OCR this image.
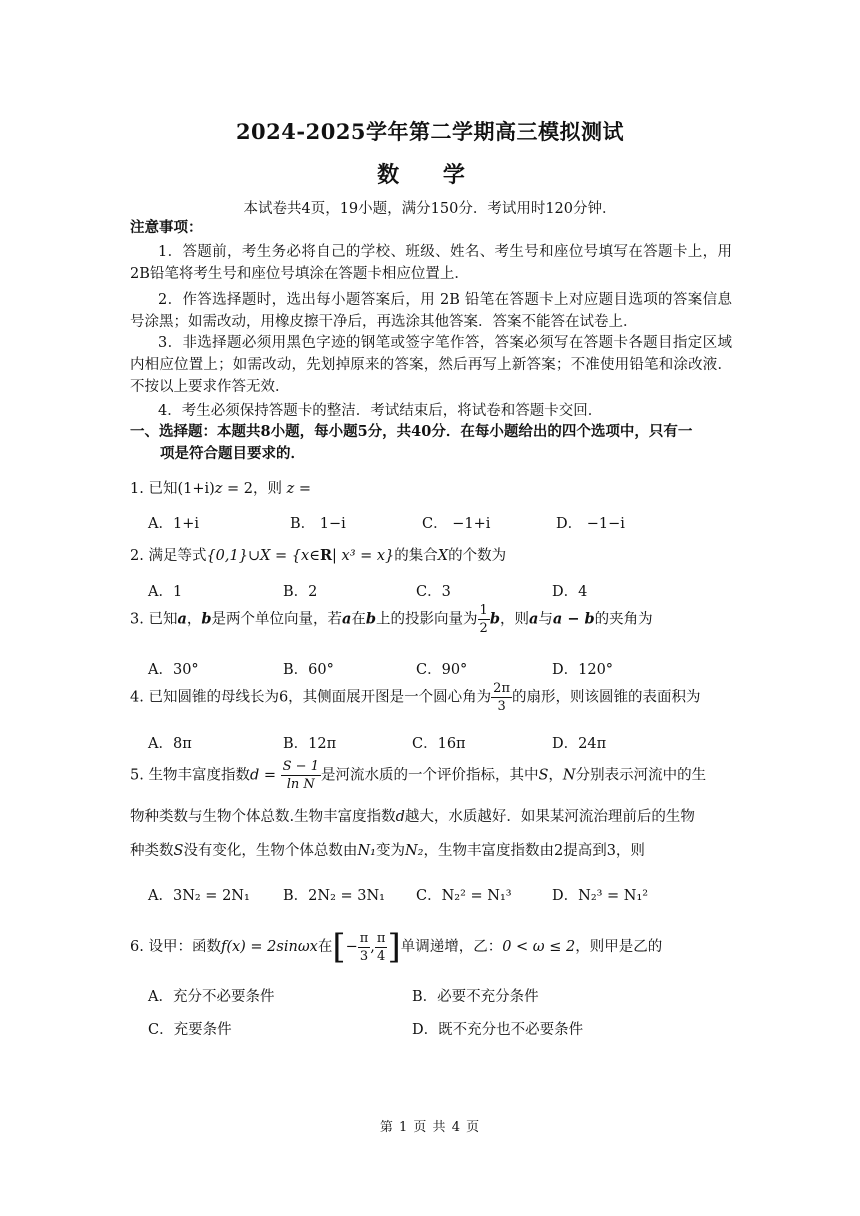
2024-2025学年第二学期高三模拟测试
数 学
本试卷共4页，19小题，满分150分．考试用时120分钟．
注意事项：
1．答题前，考生务必将自己的学校、班级、姓名、考生号和座位号填写在答题卡上，用2B铅笔将考生号和座位号填涂在答题卡相应位置上．
2．作答选择题时，选出每小题答案后，用 2B 铅笔在答题卡上对应题目选项的答案信息号涂黑；如需改动，用橡皮擦干净后，再选涂其他答案．答案不能答在试卷上．
3．非选择题必须用黑色字迹的钢笔或签字笔作答，答案必须写在答题卡各题目指定区域内相应位置上；如需改动，先划掉原来的答案，然后再写上新答案；不准使用铅笔和涂改液．不按以上要求作答无效．
4．考生必须保持答题卡的整洁．考试结束后，将试卷和答题卡交回．
一、选择题：本题共8小题，每小题5分，共40分．在每小题给出的四个选项中，只有一
项是符合题目要求的．
1. 已知(1+i)z = 2，则 z =
A．1+i	B． 1−i	C． −1+i	D． −1−i
2. 满足等式{0,1}∪X = {x∈R| x³ = x}的集合X的个数为
A．1	B．2	C．3	D．4
3. 已知a，b是两个单位向量，若a在b上的投影向量为 $\frac{1}{2}$ b，则a与a − b的夹角为
A．30°	B．60°	C．90°	D．120°
4. 已知圆锥的母线长为6，其侧面展开图是一个圆心角为 $\frac{2\pi}{3}$ 的扇形，则该圆锥的表面积为
A．8π	B．12π	C．16π	D．24π
5. 生物丰富度指数$d = \frac{S - 1}{\text{ln N}}$ 是河流水质的一个评价指标，其中S，N分别表示河流中的生
物种类数与生物个体总数.生物丰富度指数d越大，水质越好．如果某河流治理前后的生物
种类数S没有变化，生物个体总数由N₁变为N₂，生物丰富度指数由2提高到3，则
A．3N₂ = 2N₁ B．2N₂ = 3N₁ C．N₂² = N₁³	D．N₂³ = N₁²
6. 设甲：函数f(x) = 2sinωx在[− $\frac{\pi}{3}$ , $\frac{\pi}{4}$ ]单调递增，乙：0 < ω ≤ 2，则甲是乙的
A．充分不必要条件	B．必要不充分条件
C．充要条件	D．既不充分也不必要条件
第 1 页 共 4 页
